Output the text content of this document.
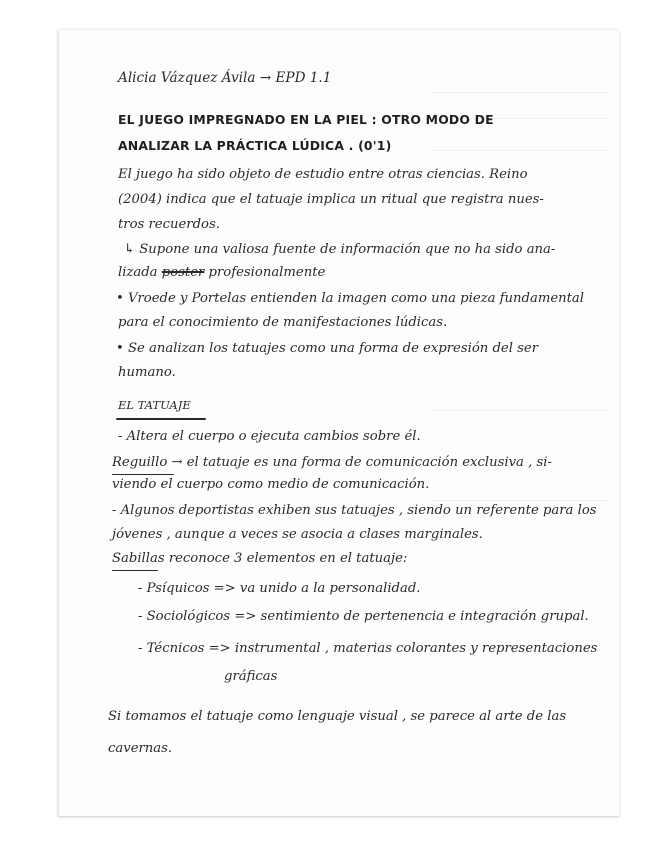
Alicia Vázquez Ávila → EPD 1.1
EL JUEGO IMPREGNADO EN LA PIEL : OTRO MODO DE
ANALIZAR LA PRÁCTICA LÚDICA . (0'1)
El juego ha sido objeto de estudio entre otras ciencias. Reino
(2004) indica que el tatuaje implica un ritual que registra nues-
tros recuerdos.
↳ Supone una valiosa fuente de información que no ha sido ana-
lizada poster profesionalmente
• Vroede y Portelas entienden la imagen como una pieza fundamental
para el conocimiento de manifestaciones lúdicas.
• Se analizan los tatuajes como una forma de expresión del ser
humano.
EL TATUAJE
- Altera el cuerpo o ejecuta cambios sobre él.
Reguillo → el tatuaje es una forma de comunicación exclusiva , si-
viendo el cuerpo como medio de comunicación.
- Algunos deportistas exhiben sus tatuajes , siendo un referente para los
jóvenes , aunque a veces se asocia a clases marginales.
Sabillas reconoce 3 elementos en el tatuaje:
- Psíquicos => va unido a la personalidad.
- Sociológicos => sentimiento de pertenencia e integración grupal.
- Técnicos => instrumental , materias colorantes y representaciones
gráficas
Si tomamos el tatuaje como lenguaje visual , se parece al arte de las
cavernas.
